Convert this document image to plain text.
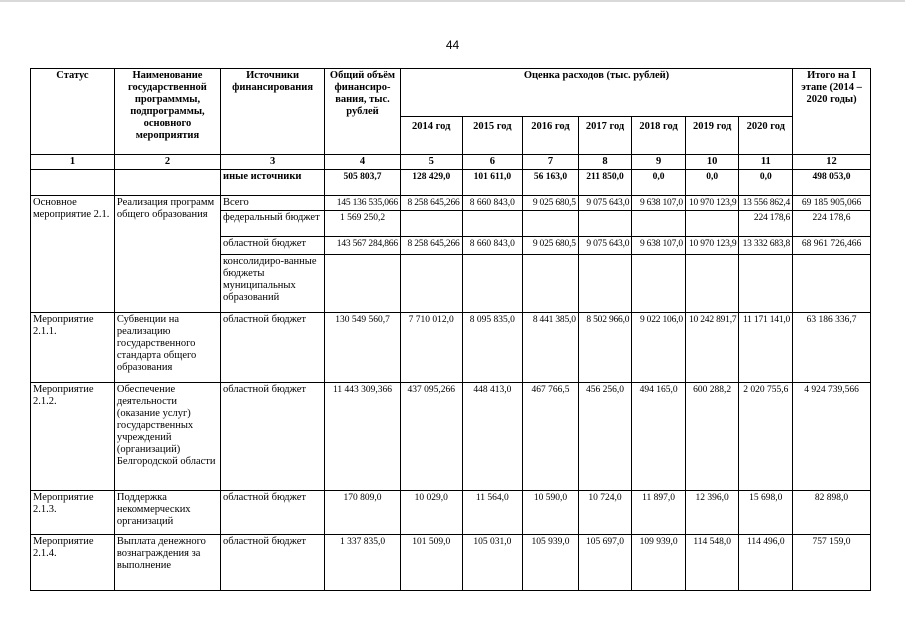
44
Статус	Наименование государственной программмы, подпрограммы, основного мероприятия	Источники финансирования	Общий объём финансиро-вания, тыс. рублей	Оценка расходов (тыс. рублей)							Итого на I этапе (2014 – 2020 годы)
				2014 год	2015 год	2016 год	2017 год	2018 год	2019 год	2020 год	
1	2	3	4	5	6	7	8	9	10	11	12
		иные источники	505 803,7	128 429,0	101 611,0	56 163,0	211 850,0	0,0	0,0	0,0	498 053,0
Основное мероприятие 2.1.	Реализация программ общего образования	Всего	145 136 535,066	8 258 645,266	8 660 843,0	9 025 680,5	9 075 643,0	9 638 107,0	10 970 123,9	13 556 862,4	69 185 905,066
		федеральный бюджет	1 569 250,2							224 178,6	224 178,6
		областной бюджет	143 567 284,866	8 258 645,266	8 660 843,0	9 025 680,5	9 075 643,0	9 638 107,0	10 970 123,9	13 332 683,8	68 961 726,466
		консолидиро-ванные бюджеты муниципальных образований									
Мероприятие 2.1.1.	Субвенции на реализацию государственного стандарта общего образования	областной бюджет	130 549 560,7	7 710 012,0	8 095 835,0	8 441 385,0	8 502 966,0	9 022 106,0	10 242 891,7	11 171 141,0	63 186 336,7
Мероприятие 2.1.2.	Обеспечение деятельности (оказание услуг) государственных учреждений (организаций) Белгородской области	областной бюджет	11 443 309,366	437 095,266	448 413,0	467 766,5	456 256,0	494 165,0	600 288,2	2 020 755,6	4 924 739,566
Мероприятие 2.1.3.	Поддержка некоммерческих организаций	областной бюджет	170 809,0	10 029,0	11 564,0	10 590,0	10 724,0	11 897,0	12 396,0	15 698,0	82 898,0
Мероприятие 2.1.4.	Выплата денежного вознаграждения за выполнение	областной бюджет	1 337 835,0	101 509,0	105 031,0	105 939,0	105 697,0	109 939,0	114 548,0	114 496,0	757 159,0
